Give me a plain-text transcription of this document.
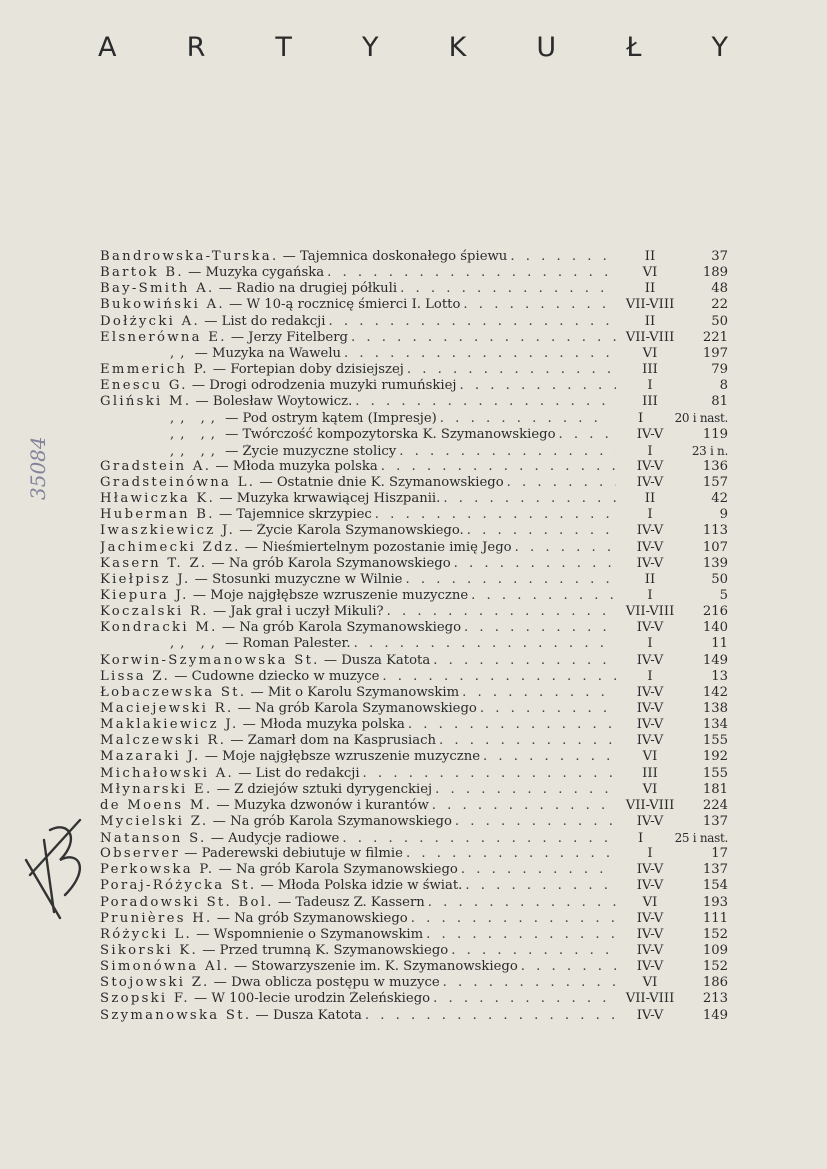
A	R	T	Y	K	U	Ł	Y
35084
Bandrowska-Turska. — Tajemnica doskonałego śpiewu . . .	II	37
Bartok B. — Muzyka cygańska . . .	VI	189
Bay-Smith A. — Radio na drugiej półkuli . . .	II	48
Bukowiński A. — W 10-ą rocznicę śmierci I. Lotto . . .	VII-VIII	22
Dołżycki A. — List do redakcji . . .	II	50
Elsnerówna E. — Jerzy Fitelberg . . .	VII-VIII	221
,, — Muzyka na Wawelu . . .	VI	197
Emmerich P. — Fortepian doby dzisiejszej . . .	III	79
Enescu G. — Drogi odrodzenia muzyki rumuńskiej . . .	I	8
Gliński M. — Bolesław Woytowicz. . . .	III	81
,, ,, — Pod ostrym kątem (Impresje) . . .	I	20 i nast.
,, ,, — Twórczość kompozytorska K. Szymanowskiego . . .	IV-V	119
,, ,, — Życie muzyczne stolicy . . .	I	23 i n.
Gradstein A. — Młoda muzyka polska . . .	IV-V	136
Gradsteinówna L. — Ostatnie dnie K. Szymanowskiego . . .	IV-V	157
Hławiczka K. — Muzyka krwawiącej Hiszpanii. . . .	II	42
Huberman B. — Tajemnice skrzypiec . . .	I	9
Iwaszkiewicz J. — Życie Karola Szymanowskiego. . . .	IV-V	113
Jachimecki Zdz. — Nieśmiertelnym pozostanie imię Jego . . .	IV-V	107
Kasern T. Z. — Na grób Karola Szymanowskiego . . .	IV-V	139
Kiełpisz J. — Stosunki muzyczne w Wilnie . . .	II	50
Kiepura J. — Moje najgłębsze wzruszenie muzyczne . . .	I	5
Koczalski R. — Jak grał i uczył Mikuli? . . .	VII-VIII	216
Kondracki M. — Na grób Karola Szymanowskiego . . .	IV-V	140
,, ,, — Roman Palester. . . .	I	11
Korwin-Szymanowska St. — Dusza Katota . . .	IV-V	149
Lissa Z. — Cudowne dziecko w muzyce . . .	I	13
Łobaczewska St. — Mit o Karolu Szymanowskim . . .	IV-V	142
Maciejewski R. — Na grób Karola Szymanowskiego . . .	IV-V	138
Maklakiewicz J. — Młoda muzyka polska . . .	IV-V	134
Malczewski R. — Zamarł dom na Kasprusiach . . .	IV-V	155
Mazaraki J. — Moje najgłębsze wzruszenie muzyczne . . .	VI	192
Michałowski A. — List do redakcji . . .	III	155
Młynarski E. — Z dziejów sztuki dyrygenckiej . . .	VI	181
de Moens M. — Muzyka dzwonów i kurantów . . .	VII-VIII	224
Mycielski Z. — Na grób Karola Szymanowskiego . . .	IV-V	137
Natanson S. — Audycje radiowe . . .	I	25 i nast.
Observer — Paderewski debiutuje w filmie . . .	I	17
Perkowska P. — Na grób Karola Szymanowskiego . . .	IV-V	137
Poraj-Różycka St. — Młoda Polska idzie w świat. . . .	IV-V	154
Poradowski St. Bol. — Tadeusz Z. Kassern . . .	VI	193
Prunières H. — Na grób Szymanowskiego . . .	IV-V	111
Różycki L. — Wspomnienie o Szymanowskim . . .	IV-V	152
Sikorski K. — Przed trumną K. Szymanowskiego . . .	IV-V	109
Simonówna Al. — Stowarzyszenie im. K. Szymanowskiego . . .	IV-V	152
Stojowski Z. — Dwa oblicza postępu w muzyce . . .	VI	186
Szopski F. — W 100-lecie urodzin Żeleńskiego . . .	VII-VIII	213
Szymanowska St. — Dusza Katota . . .	IV-V	149
